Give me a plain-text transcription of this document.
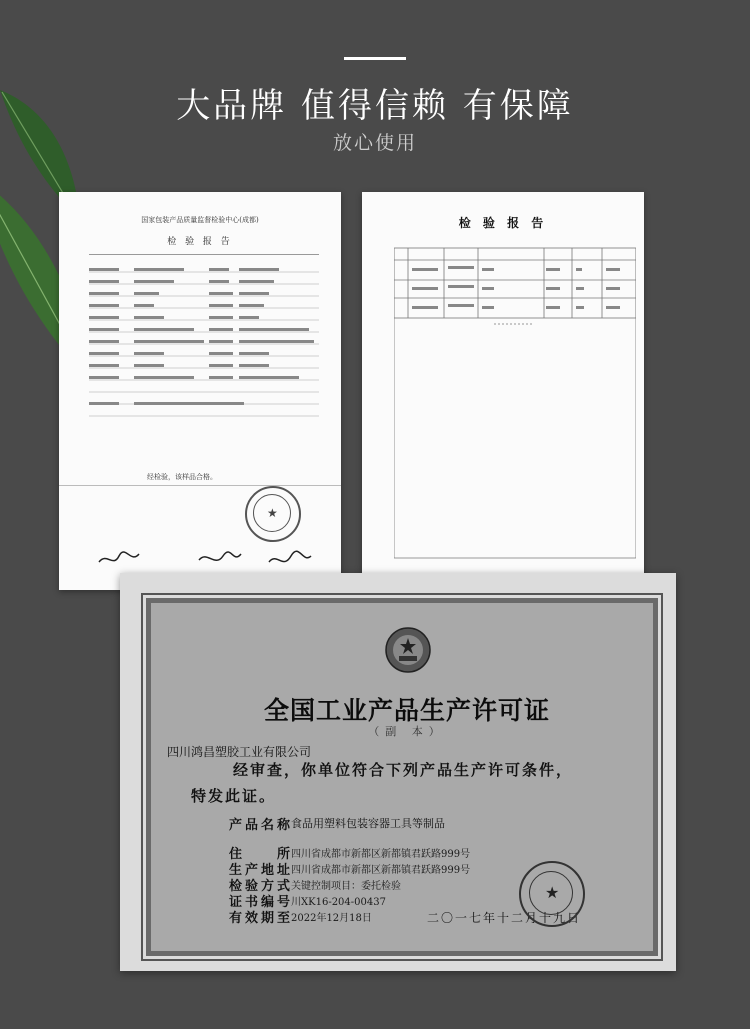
大品牌 值得信赖 有保障
放心使用
国家包装产品质量监督检验中心(成都)
检 验 报 告
经检验，该样品合格。
★
检 验 报 告
全国工业产品生产许可证
（副 本）
四川鸿昌塑胶工业有限公司
经审查，你单位符合下列产品生产许可条件，
特发此证。
产品名称
食品用塑料包装容器工具等制品
住　　所
四川省成都市新都区新都镇君跃路999号
生产地址
四川省成都市新都区新都镇君跃路999号
检验方式
关键控制项目：委托检验
证书编号
川XK16-204-00437
有效期至
2022年12月18日	二〇一七年十二月十九日
★
